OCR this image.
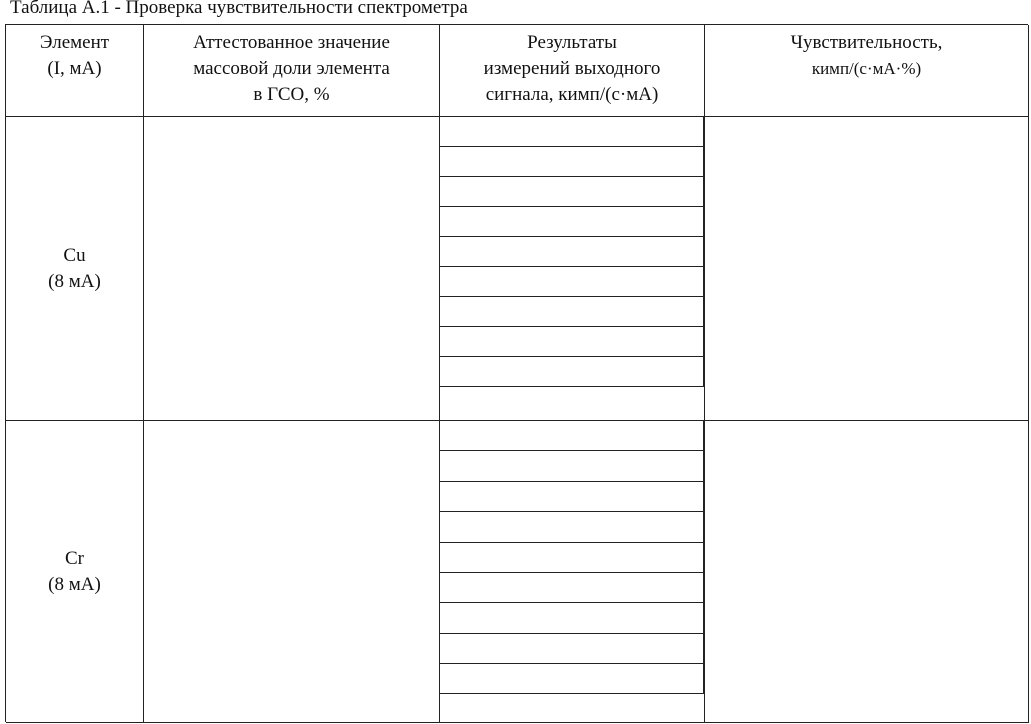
Таблица А.1 - Проверка чувствительности спектрометра
Элемент
(I, мА)
Аттестованное значение
массовой доли элемента
в ГСО, %
Результаты
измерений выходного
сигнала, кимп/(с·мА)
Чувствительность,
кимп/(с·мА·%)
Cu
(8 мА)
Cr
(8 мА)
